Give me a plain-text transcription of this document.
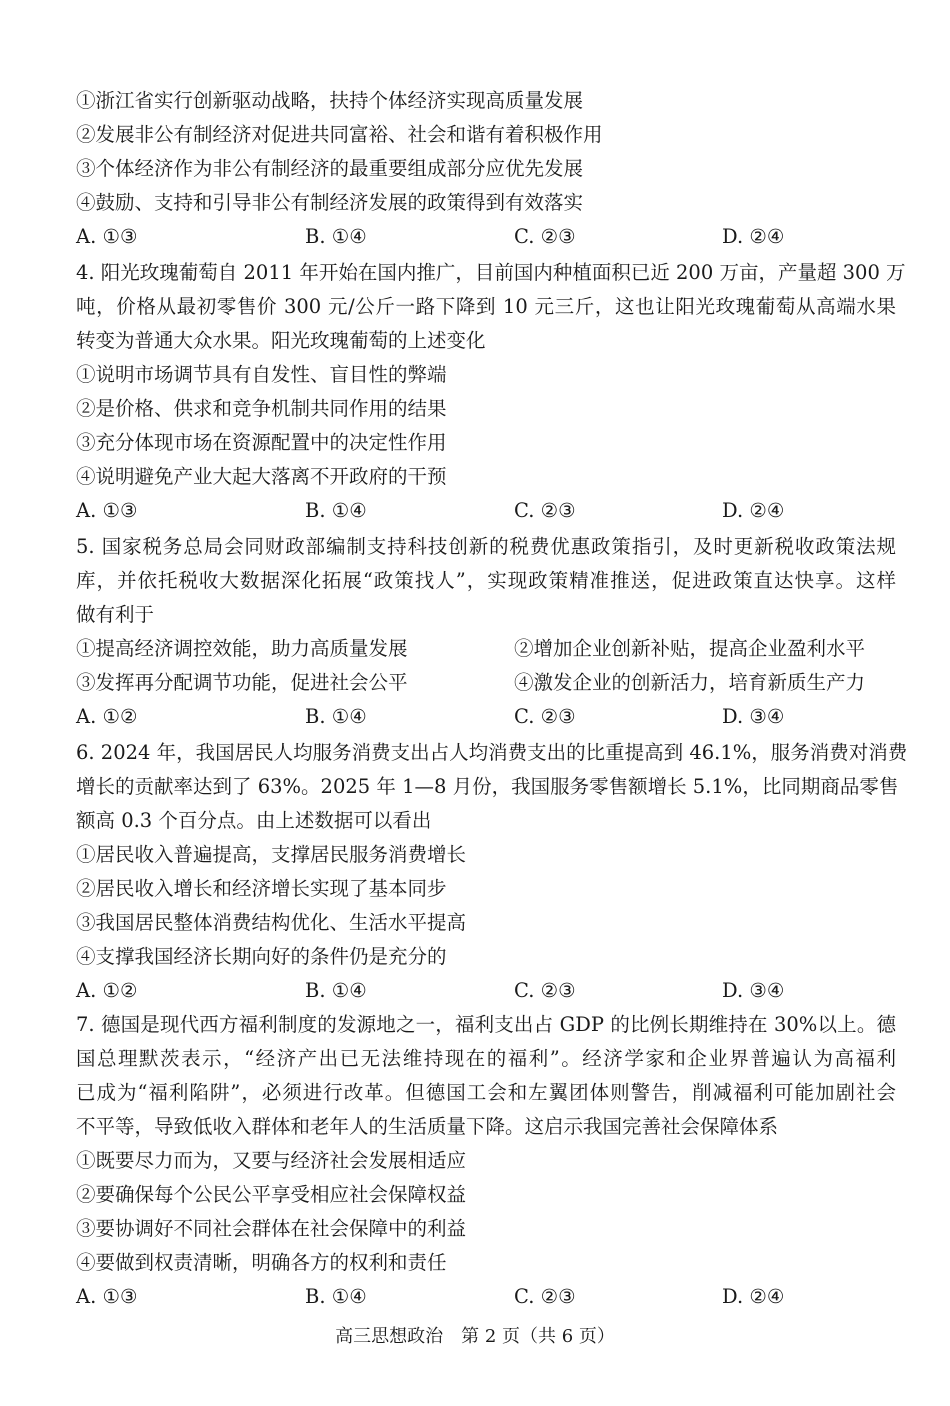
①浙江省实行创新驱动战略，扶持个体经济实现高质量发展
②发展非公有制经济对促进共同富裕、社会和谐有着积极作用
③个体经济作为非公有制经济的最重要组成部分应优先发展
④鼓励、支持和引导非公有制经济发展的政策得到有效落实
A. ①③	B. ①④	C. ②③	D. ②④
4. 阳光玫瑰葡萄自 2011 年开始在国内推广，目前国内种植面积已近 200 万亩，产量超 300 万
吨，价格从最初零售价 300 元/公斤一路下降到 10 元三斤，这也让阳光玫瑰葡萄从高端水果
转变为普通大众水果。阳光玫瑰葡萄的上述变化
①说明市场调节具有自发性、盲目性的弊端
②是价格、供求和竞争机制共同作用的结果
③充分体现市场在资源配置中的决定性作用
④说明避免产业大起大落离不开政府的干预
A. ①③	B. ①④	C. ②③	D. ②④
5. 国家税务总局会同财政部编制支持科技创新的税费优惠政策指引，及时更新税收政策法规
库，并依托税收大数据深化拓展“政策找人”，实现政策精准推送，促进政策直达快享。这样
做有利于
①提高经济调控效能，助力高质量发展	②增加企业创新补贴，提高企业盈利水平
③发挥再分配调节功能，促进社会公平	④激发企业的创新活力，培育新质生产力
A. ①②	B. ①④	C. ②③	D. ③④
6. 2024 年，我国居民人均服务消费支出占人均消费支出的比重提高到 46.1%，服务消费对消费
增长的贡献率达到了 63%。2025 年 1—8 月份，我国服务零售额增长 5.1%，比同期商品零售
额高 0.3 个百分点。由上述数据可以看出
①居民收入普遍提高，支撑居民服务消费增长
②居民收入增长和经济增长实现了基本同步
③我国居民整体消费结构优化、生活水平提高
④支撑我国经济长期向好的条件仍是充分的
A. ①②	B. ①④	C. ②③	D. ③④
7. 德国是现代西方福利制度的发源地之一，福利支出占 GDP 的比例长期维持在 30%以上。德
国总理默茨表示，“经济产出已无法维持现在的福利”。经济学家和企业界普遍认为高福利
已成为“福利陷阱”，必须进行改革。但德国工会和左翼团体则警告，削减福利可能加剧社会
不平等，导致低收入群体和老年人的生活质量下降。这启示我国完善社会保障体系
①既要尽力而为，又要与经济社会发展相适应
②要确保每个公民公平享受相应社会保障权益
③要协调好不同社会群体在社会保障中的利益
④要做到权责清晰，明确各方的权利和责任
A. ①③	B. ①④	C. ②③	D. ②④
高三思想政治　第 2 页（共 6 页）
